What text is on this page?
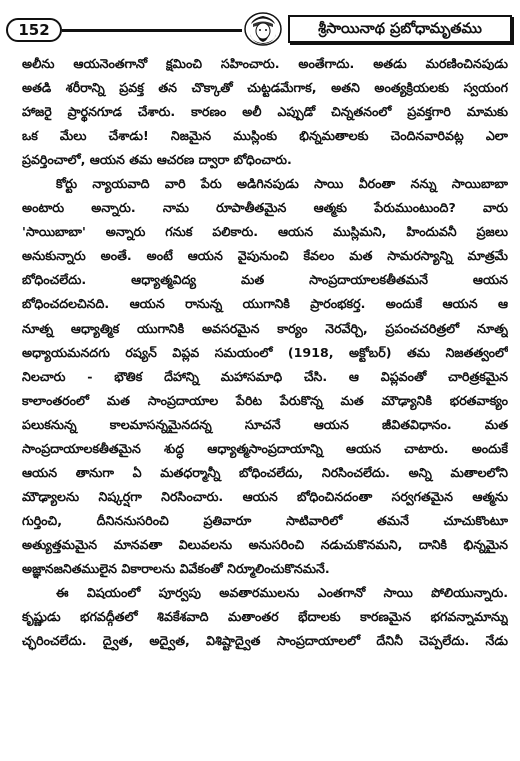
152	శ్రీసాయినాథ ప్రబోధామృతము
అలీను ఆయనెంతగానో క్షమించి సహించారు. అంతేగాదు. అతడు మరణించినపుడు
అతడి శరీరాన్ని ప్రవక్త తన చొక్కాతో చుట్టడమేగాక, అతని అంత్యక్రియలకు స్వయంగ
హాజరై ప్రార్థనగూడ చేశారు. కారణం అలీ ఎప్పుడో చిన్నతనంలో ప్రవక్తగారి మామకు
ఒక మేలు చేశాడు! నిజమైన ముస్లింకు భిన్నమతాలకు చెందినవారివట్ల ఎలా
ప్రవర్తించాలో, ఆయన తమ ఆచరణ ద్వారా బోధించారు.
కోర్టు న్యాయవాది వారి పేరు అడిగినపుడు సాయి వీరంతా నన్ను సాయిబాబా
అంటారు అన్నారు. నామ రూపాతీతమైన ఆత్మకు పేరుముంటుంది? వారు
'సాయిబాబా' అన్నారు గనుక పలికారు. ఆయన ముస్లిమని, హిందువనీ ప్రజలు
అనుకున్నారు అంతే. అంటే ఆయన వైపునుంచి కేవలం మత సామరస్యాన్ని మాత్రమే
బోధించలేదు. ఆధ్యాత్మవిద్య మత సాంప్రదాయాలకతీతమనే ఆయన
బోధించదలచినది. ఆయన రానున్న యుగానికి ప్రారంభకర్త. అందుకే ఆయన ఆ
నూత్న ఆధ్యాత్మిక యుగానికి అవసరమైన కార్యం నెరవేర్చి, ప్రపంచచరిత్రలో నూత్న
అధ్యాయమనదగు రష్యన్ విప్లవ సమయంలో (1918, అక్టోబర్) తమ నిజతత్వంలో
నిలచారు - భౌతిక దేహాన్ని మహాసమాధి చేసి. ఆ విప్లవంతో చారిత్రకమైన
కాలాంతరంలో మత సాంప్రదాయాల పేరిట పేరుకొన్న మత మౌఢ్యానికి భరతవాక్యం
పలుకనున్న కాలమాసన్నమైనదన్న సూచనే ఆయన జీవితవిధానం. మత
సాంప్రదాయాలకతీతమైన శుద్ధ ఆధ్యాత్మసాంప్రదాయాన్ని ఆయన చాటారు. అందుకే
ఆయన తానుగా ఏ మతధర్మాన్నీ బోధించలేదు, నిరసించలేదు. అన్ని మతాలలోని
మౌఢ్యాలను నిష్కర్షగా నిరసించారు. ఆయన బోధించినదంతా సర్వగతమైన ఆత్మను
గుర్తించి, దీనిననుసరించి ప్రతివారూ సాటివారిలో తమనే చూచుకొంటూ
అత్యుత్తమమైన మానవతా విలువలను అనుసరించి నడుచుకొనమని, దానికి భిన్నమైన
అజ్ఞానజనితములైన వికారాలను వివేకంతో నిర్మూలించుకొనమనే.
ఈ విషయంలో పూర్వపు అవతారములను ఎంతగానో సాయి పోలియున్నారు.
కృష్ణుడు భగవద్గీతలో శివకేశవాది మతాంతర భేదాలకు కారణమైన భగవన్నామాన్ను
చ్ఛరించలేదు. ద్వైత, అద్వైత, విశిష్టాద్వైత సాంప్రదాయాలలో దేనినీ చెప్పలేదు. నేడు
